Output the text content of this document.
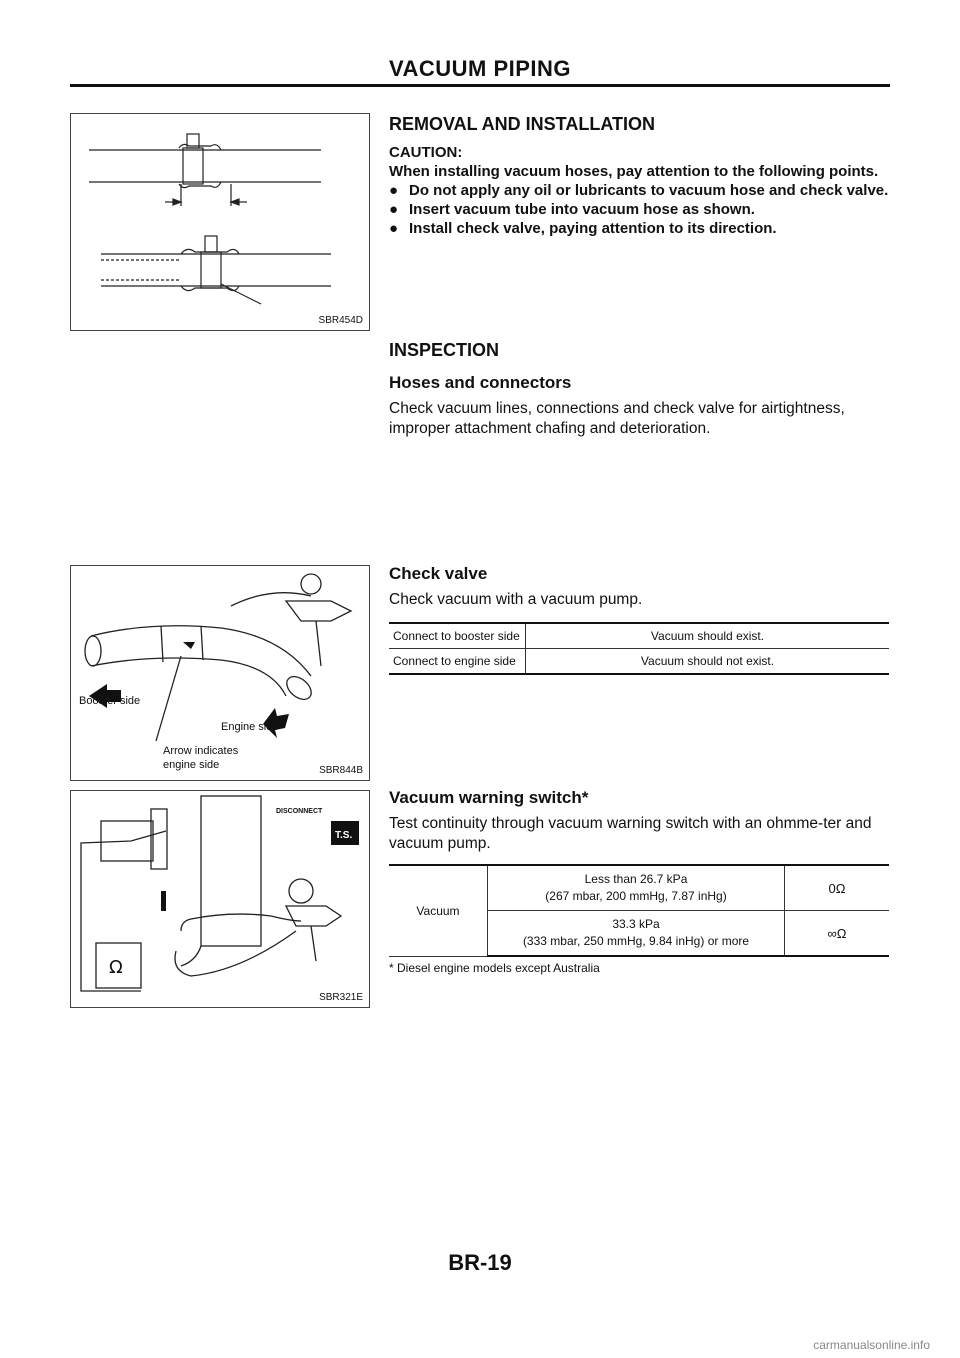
VACUUM PIPING
SBR454D
Booster side
Engine side
Arrow indicates
engine side	SBR844B
Ω
DISCONNECT
T.S.
SBR321E
REMOVAL AND INSTALLATION
CAUTION:
When installing vacuum hoses, pay attention to the following points.
● Do not apply any oil or lubricants to vacuum hose and check valve.
● Insert vacuum tube into vacuum hose as shown.
● Install check valve, paying attention to its direction.
INSPECTION
Hoses and connectors
Check vacuum lines, connections and check valve for airtightness, improper attachment chafing and deterioration.
Check valve
Check vacuum with a vacuum pump.
Connect to booster side	Vacuum should exist.
Connect to engine side	Vacuum should not exist.
Vacuum warning switch*
Test continuity through vacuum warning switch with an ohmme-ter and vacuum pump.
Vacuum	Less than 26.7 kPa
(267 mbar, 200 mmHg, 7.87 inHg)	0Ω

	33.3 kPa
(333 mbar, 250 mmHg, 9.84 inHg) or more	∞Ω
* Diesel engine models except Australia
BR-19
carmanualsonline.info
